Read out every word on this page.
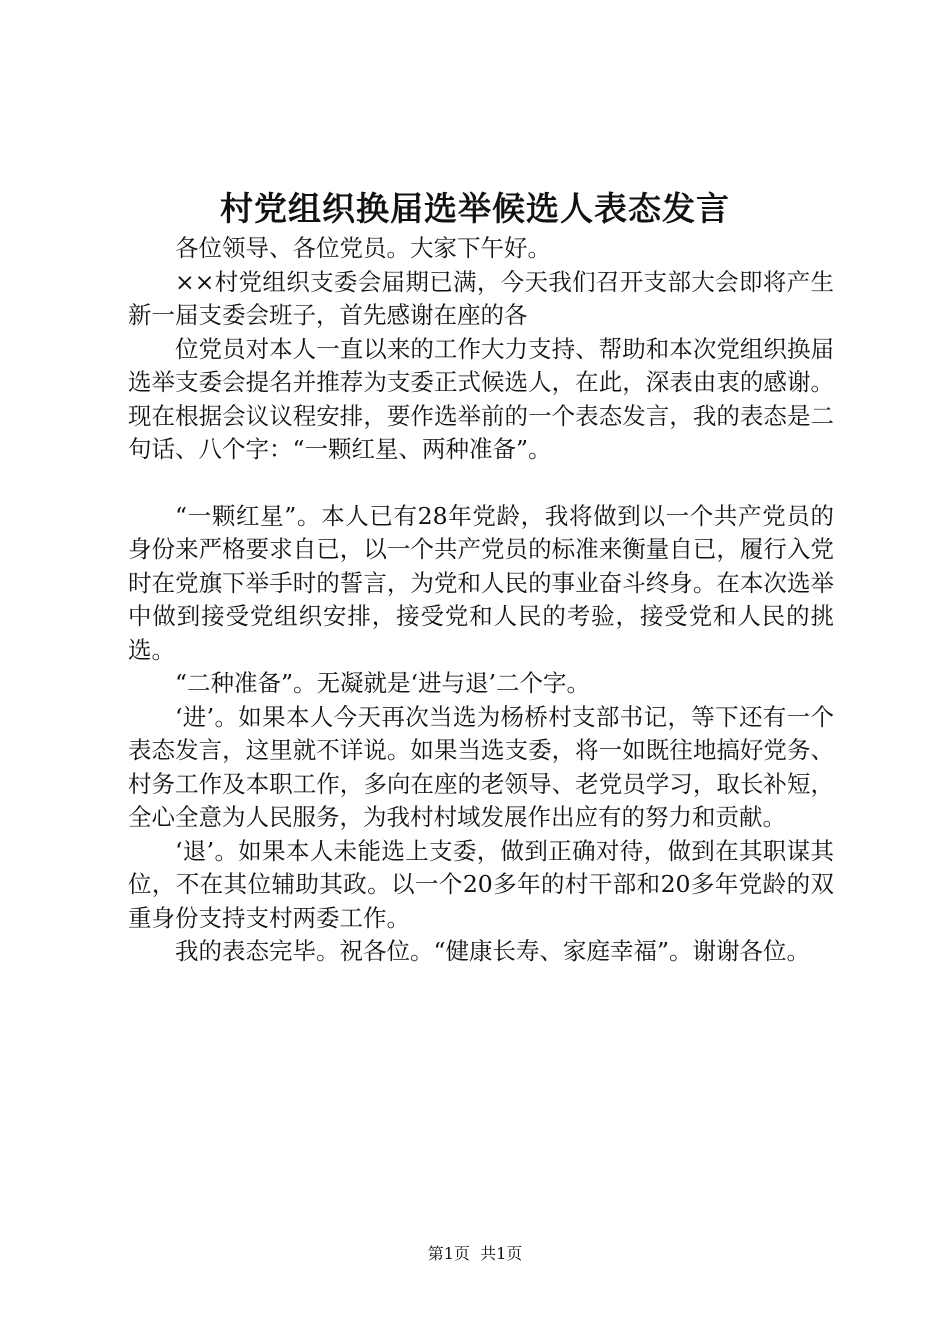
村党组织换届选举候选人表态发言

各位领导、各位党员。大家下午好。

××村党组织支委会届期已满，今天我们召开支部大会即将产生新一届支委会班子，首先感谢在座的各

位党员对本人一直以来的工作大力支持、帮助和本次党组织换届选举支委会提名并推荐为支委正式候选人，在此，深表由衷的感谢。现在根据会议议程安排，要作选举前的一个表态发言，我的表态是二句话、八个字：“一颗红星、两种准备”。

“一颗红星”。本人已有28年党龄，我将做到以一个共产党员的身份来严格要求自已，以一个共产党员的标准来衡量自已，履行入党时在党旗下举手时的誓言，为党和人民的事业奋斗终身。在本次选举中做到接受党组织安排，接受党和人民的考验，接受党和人民的挑选。

“二种准备”。无凝就是‘进与退’二个字。

‘进’。如果本人今天再次当选为杨桥村支部书记，等下还有一个表态发言，这里就不详说。如果当选支委，将一如既往地搞好党务、村务工作及本职工作，多向在座的老领导、老党员学习，取长补短，全心全意为人民服务，为我村村域发展作出应有的努力和贡献。

‘退’。如果本人未能选上支委，做到正确对待，做到在其职谋其位，不在其位辅助其政。以一个20多年的村干部和20多年党龄的双重身份支持支村两委工作。

我的表态完毕。祝各位。“健康长寿、家庭幸福”。谢谢各位。

第1页  共1页
